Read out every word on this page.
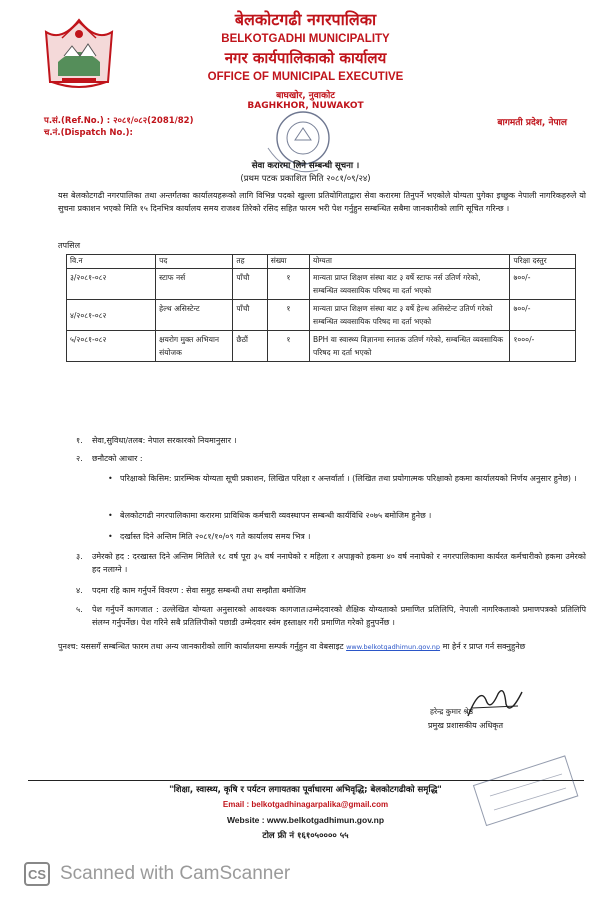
बेलकोटगढी नगरपालिका
BELKOTGADHI MUNICIPALITY
नगर कार्यपालिकाको कार्यालय
OFFICE OF MUNICIPAL EXECUTIVE
बाघखोर, नुवाकोट
BAGHKHOR, NUWAKOT
प.सं.(Ref.No.) : २०८१/०८२(2081/82)
च.नं.(Dispatch No.):
बागमती प्रदेश, नेपाल
सेवा करारमा लिने सम्बन्धी सूचना ।
(प्रथम पटक प्रकाशित मिति २०८१/०९/२४)
यस बेलकोटगढी नगरपालिका तथा अन्तर्गतका कार्यालयहरूको लागि विभिन्न पदको खुल्ला प्रतियोगिताद्वारा सेवा करारमा तिनुपर्ने भएकोले योग्यता पुगेका इच्छुक नेपाली नागरिकहरुले यो सुचना प्रकाशन भएको मिति १५ दिनभित्र कार्यालय समय राजश्व तिरेको रसिद सहित फारम भरी पेश गर्नुहुन सम्बन्धित सबैमा जानकारीको लागि सूचित गरिन्छ ।
तपसिल
वि.न	पद	तह	संख्या	योग्यता	परिक्षा दस्तुर
३/२०८१-०८२	स्टाफ नर्स	पाँचौ	१	मान्यता प्राप्त शिक्षण संस्था बाट ३ वर्षे स्टाफ नर्स उतिर्ण गरेको, सम्बन्धित व्यवसायिक परिषद मा दर्ता भएको	७००/-
४/२०८१-०८२	हेल्थ असिस्टेन्ट	पाँचौ	१	मान्यता प्राप्त शिक्षण संस्था बाट ३ वर्षे हेल्थ असिस्टेन्ट उतिर्ण गरेको सम्बन्धित व्यवसायिक परिषद मा दर्ता भएको	७००/-
५/२०८१-०८२	क्षयरोग मुक्त अभियान संयोजक	छैठौं	१	BPH वा स्वास्थ्य विज्ञानमा स्नातक उतिर्ण गरेको, सम्बन्धित व्यवसायिक परिषद मा दर्ता भएको	१०००/-
१. सेवा,सुविधा/तलब: नेपाल सरकारको नियमानुसार ।
२. छनौटको आधार :
• परिक्षाको किसिम: प्रारम्भिक योग्यता सूची प्रकाशन, लिखित परिक्षा र अन्तर्वार्ता । (लिखित तथा प्रयोगात्मक परिक्षाको हकमा कार्यालयको निर्णय अनुसार हुनेछ) ।
• बेलकोटगढी नगरपालिकामा करारमा प्राविधिक कर्मचारी व्यवस्थापन सम्बन्धी कार्यविधि २०७५ बमोजिम हुनेछ ।
• दर्खास्त दिने अन्तिम मिति २०८१/१०/०९ गते कार्यालय समय भित्र ।
३. उमेरको हद : दरखास्त दिने अन्तिम मितिले १८ वर्ष पूरा ३५ वर्ष ननाघेको र महिला र अपाङ्गको हकमा ४० वर्ष ननाघेको र नगरपालिकामा कार्यरत कर्मचारीको हकमा उमेरको हद नलाग्ने ।
४. पदमा रहि काम गर्नुपर्ने विवरण : सेवा समुह सम्बन्धी तथा सम्झौता बमोजिम
५. पेश गर्नुपर्ने कागजात : उल्लेखित योग्यता अनुसारको आवश्यक कागजात।उम्मेदवारको शैक्षिक योग्यताको प्रमाणित प्रतिलिपि, नेपाली नागरिकताको प्रमाणपत्रको प्रतिलिपि संलग्न गर्नुपर्नेछ। पेश गरिने सबै प्रतिलिपीको पछाडी उम्मेदवार स्वंम हस्ताक्षर गरी प्रमाणित गरेको हुनुपर्नेछ ।
पुनश्च: यससगँ सम्बन्धित फारम तथा अन्य जानकारीको लागि कार्यालयमा सम्पर्क गर्नुहुन वा वेबसाइट www.belkotgadhimun.gov.np मा हेर्न र प्राप्त गर्न सक्नुहुनेछ
हरेन्द्र कुमार श्रेष्ठ
प्रमुख प्रशासकीय अधिकृत
"शिक्षा, स्वास्थ्य, कृषि र पर्यटन लगायतका पूर्वाधारमा अभिवृद्धि; बेलकोटगढीको समृद्धि"
Email : belkotgadhinagarpalika@gmail.com
Website : www.belkotgadhimun.gov.np
टोल फ्री नं १६१०५०००० ५५
CS Scanned with CamScanner
